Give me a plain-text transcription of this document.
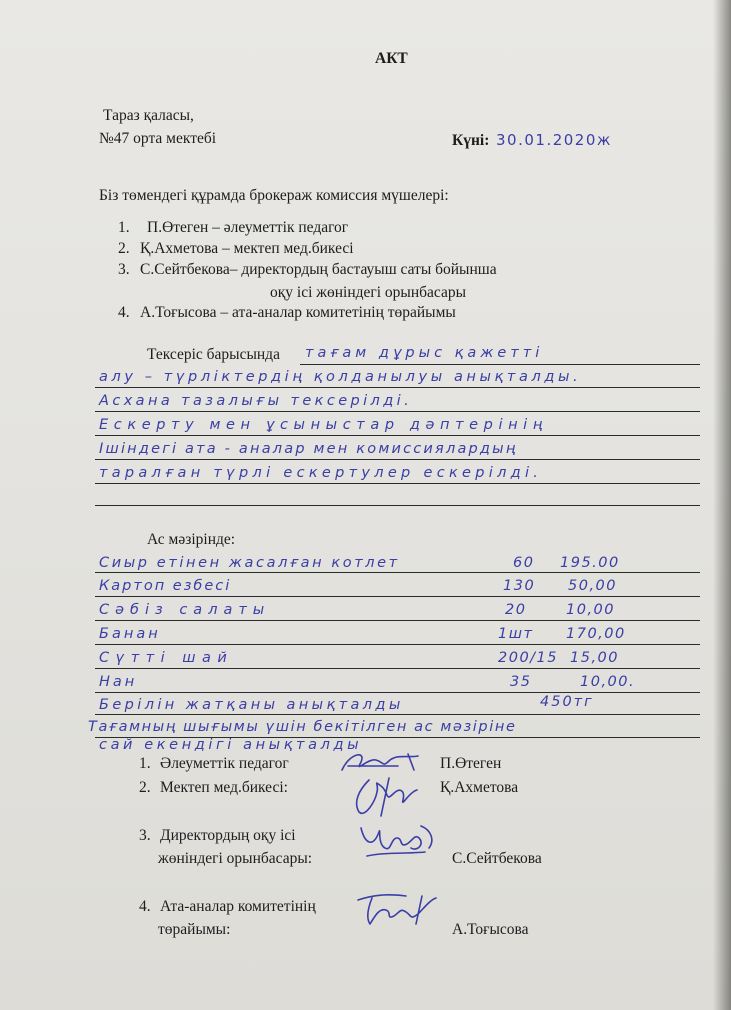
АКТ
Тараз қаласы,
№47 орта мектебі	Күні: 30.01.2020ж
Біз төмендегі құрамда брокераж комиссия мүшелері:
1. П.Өтеген – әлеуметтік педагог
2. Қ.Ахметова – мектеп мед.бикесі
3. С.Сейтбекова– директордың бастауыш саты бойынша
оқу ісі жөніндегі орынбасары
4. А.Тоғысова – ата-аналар комитетінің төрайымы
Тексеріс барысында тағам дұрыс қажетті
алу – түрліктердің қолданылуы анықталды.
Асхана тазалығы тексерілді.
Ескерту мен ұсыныстар дәптерінің
Ішіндегі ата - аналар мен комиссиялардың
таралған түрлі ескертулер ескерілді.
Ас мәзірінде:
Сиыр етінен жасалған котлет	60 195.00
Картоп езбесі	130 50,00
Сәбіз салаты	20	10,00
Банан	1шт 170,00
Сүтті шай	200/15 15,00
Нан	35	10,00.
Берілін жатқаны анықталды	450тг
Тағамның шығымы үшін бекітілген ас мәзіріне
сай екендігі анықталды
1. Әлеуметтік педагог	П.Өтеген
2. Мектеп мед.бикесі:	Қ.Ахметова
3. Директордың оқу ісі
жөніндегі орынбасары:	С.Сейтбекова
4. Ата-аналар комитетінің
төрайымы:	А.Тоғысова
